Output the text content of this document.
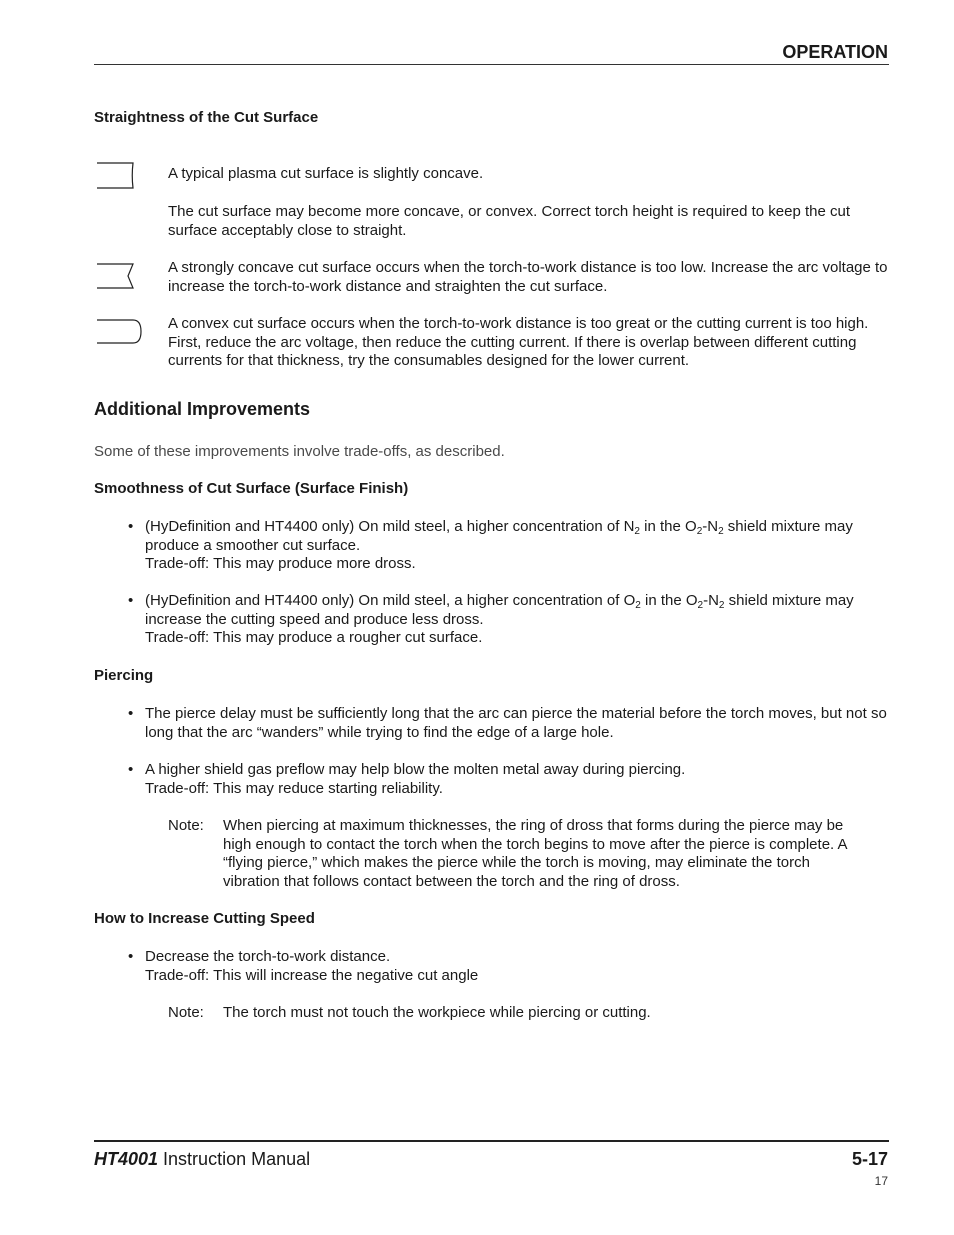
OPERATION
Straightness of the Cut Surface
A typical plasma cut surface is slightly concave.
The cut surface may become more concave, or convex. Correct torch height is required to keep the cut surface acceptably close to straight.
A strongly concave cut surface occurs when the torch-to-work distance is too low. Increase the arc voltage to increase the torch-to-work distance and straighten the cut surface.
A convex cut surface occurs when the torch-to-work distance is too great or the cutting current is too high. First, reduce the arc voltage, then reduce the cutting current. If there is overlap between different cutting currents for that thickness, try the consumables designed for the lower current.
Additional Improvements
Some of these improvements involve trade-offs, as described.
Smoothness of Cut Surface (Surface Finish)
• (HyDefinition and HT4400 only) On mild steel, a higher concentration of $N_2$ in the $O_2-N_2$ shield mixture may produce a smoother cut surface.
Trade-off: This may produce more dross.
• (HyDefinition and HT4400 only) On mild steel, a higher concentration of $O_2$ in the $O_2-N_2$ shield mixture may increase the cutting speed and produce less dross.
Trade-off: This may produce a rougher cut surface.
Piercing
• The pierce delay must be sufficiently long that the arc can pierce the material before the torch moves, but not so long that the arc “wanders” while trying to find the edge of a large hole.
• A higher shield gas preflow may help blow the molten metal away during piercing.
Trade-off: This may reduce starting reliability.
Note: When piercing at maximum thicknesses, the ring of dross that forms during the pierce may be high enough to contact the torch when the torch begins to move after the pierce is complete. A “flying pierce,” which makes the pierce while the torch is moving, may eliminate the torch vibration that follows contact between the torch and the ring of dross.
How to Increase Cutting Speed
• Decrease the torch-to-work distance.
Trade-off: This will increase the negative cut angle
Note: The torch must not touch the workpiece while piercing or cutting.
HT4001 Instruction Manual	5-17
17
